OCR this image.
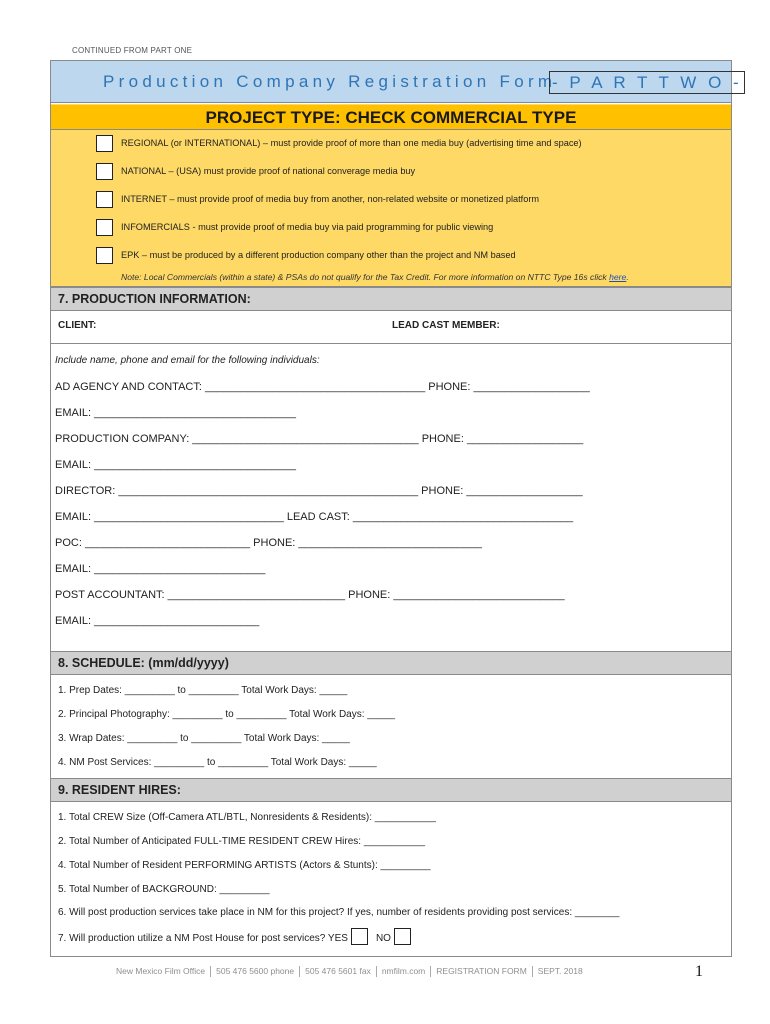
CONTINUED FROM PART ONE
Production Company Registration Form
- P A R T T W O -
PROJECT TYPE: CHECK COMMERCIAL TYPE
REGIONAL (or INTERNATIONAL) – must provide proof of more than one media buy (advertising time and space)
NATIONAL – (USA) must provide proof of national converage media buy
INTERNET – must provide proof of media buy from another, non-related website or monetized platform
INFOMERCIALS - must provide proof of media buy via paid programming for public viewing
EPK – must be produced by a different production company other than the project and NM based
Note: Local Commercials (within a state) & PSAs do not qualify for the Tax Credit. For more information on NTTC Type 16s click here.
7. PRODUCTION INFORMATION:
CLIENT:	LEAD CAST MEMBER:
Include name, phone and email for the following individuals:
AD AGENCY AND CONTACT: ____________________________________ PHONE: ___________________
EMAIL: _________________________________
PRODUCTION COMPANY: _____________________________________ PHONE: ___________________
EMAIL: _________________________________
DIRECTOR: _________________________________________________ PHONE: ___________________
EMAIL: _______________________________ LEAD CAST: ____________________________________
POC: ___________________________ PHONE: ______________________________
EMAIL: ____________________________
POST ACCOUNTANT: _____________________________ PHONE: ____________________________
EMAIL: ___________________________
8. SCHEDULE: (mm/dd/yyyy)
1. Prep Dates: _________ to _________ Total Work Days: _____
2. Principal Photography: _________ to _________ Total Work Days: _____
3. Wrap Dates: _________ to _________ Total Work Days: _____
4. NM Post Services: _________ to _________ Total Work Days: _____
9. RESIDENT HIRES:
1. Total CREW Size (Off-Camera ATL/BTL, Nonresidents & Residents): ___________
2. Total Number of Anticipated FULL-TIME RESIDENT CREW Hires: ___________
4. Total Number of Resident PERFORMING ARTISTS (Actors & Stunts): _________
5. Total Number of BACKGROUND: _________
6. Will post production services take place in NM for this project? If yes, number of residents providing post services: ________
7. Will production utilize a NM Post House for post services? YES	NO
New Mexico Film Office 505 476 5600 phone 505 476 5601 fax nmfilm.com REGISTRATION FORM SEPT. 2018	1
